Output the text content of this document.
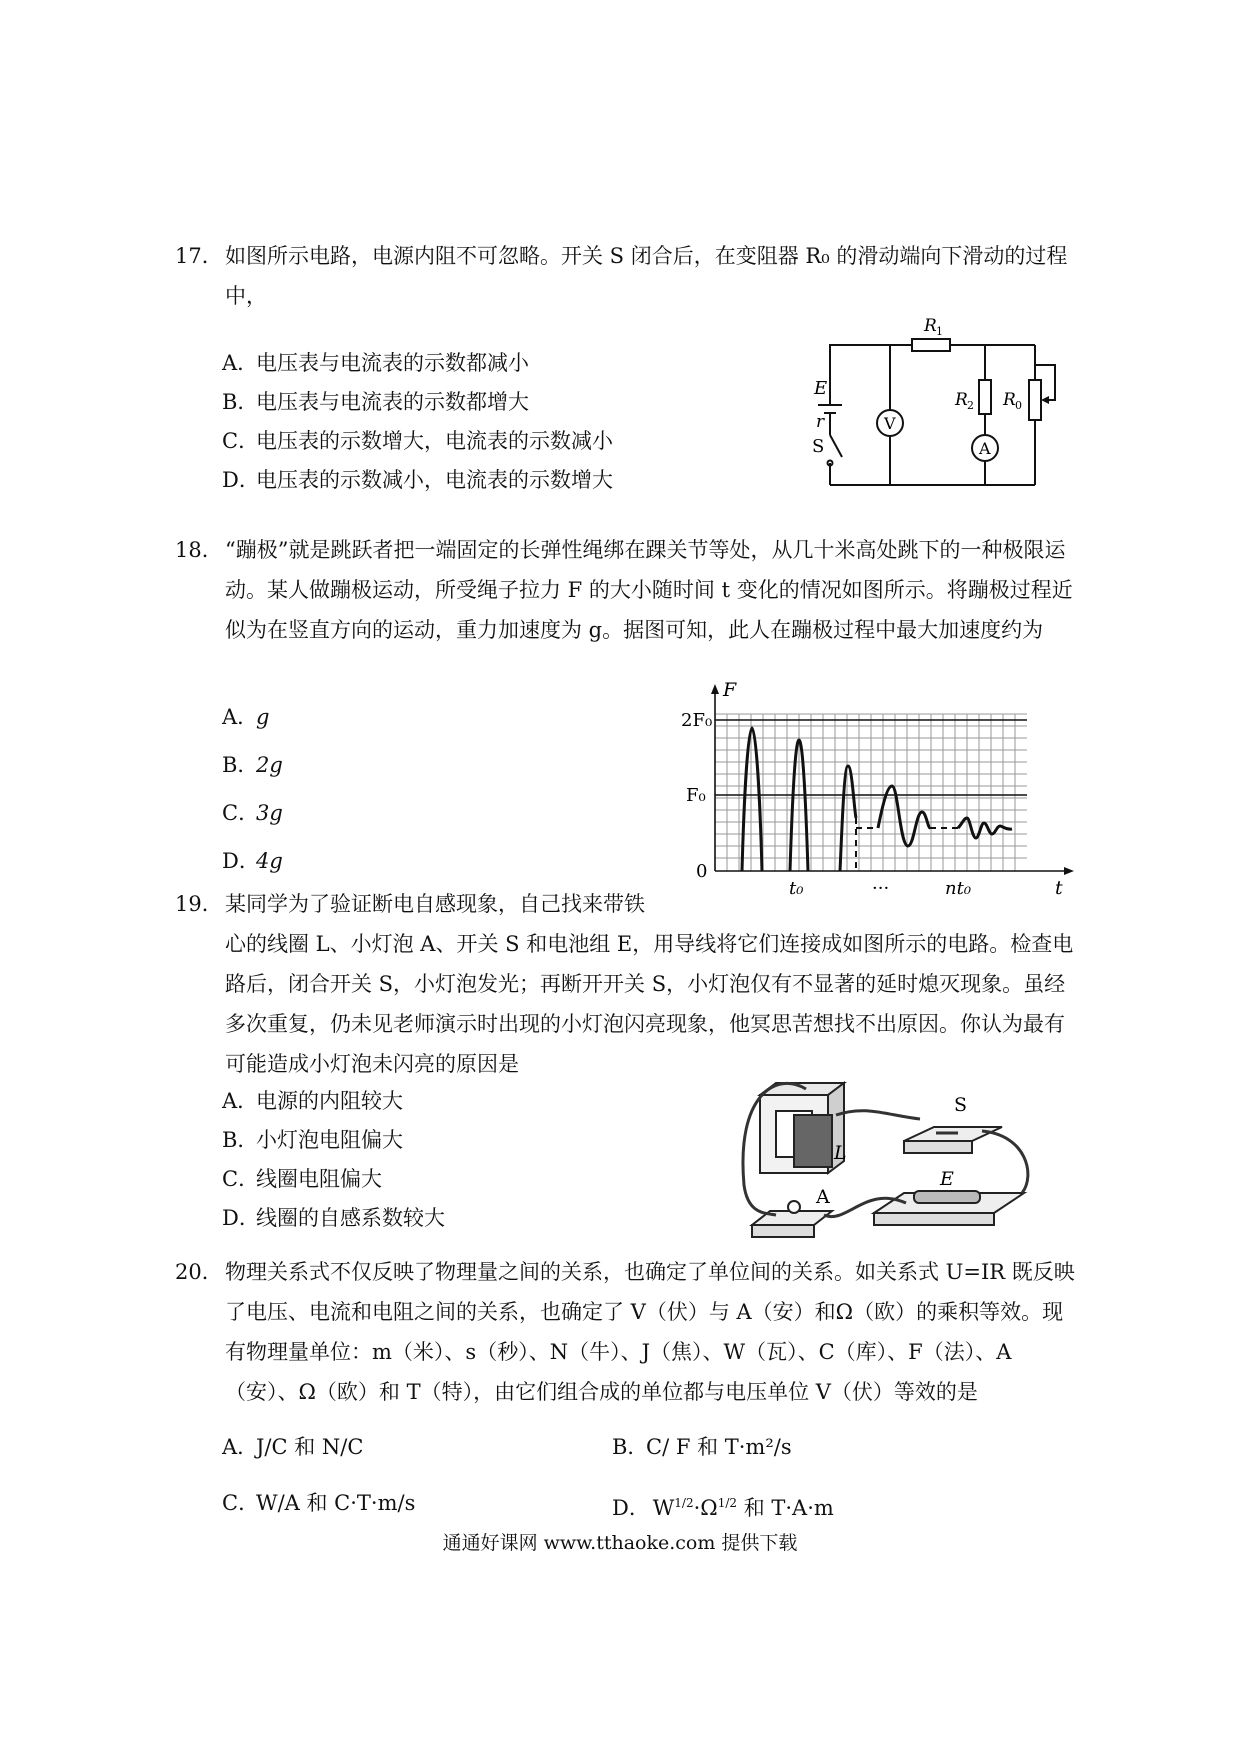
17． 如图所示电路，电源内阻不可忽略。开关 S 闭合后，在变阻器 R₀ 的滑动端向下滑动的过程中，
A．电压表与电流表的示数都减小
B．电压表与电流表的示数都增大
C．电压表的示数增大，电流表的示数减小
D．电压表的示数减小，电流表的示数增大
E
r
S
V
A
R 1
R 2 R 0
18． “蹦极”就是跳跃者把一端固定的长弹性绳绑在踝关节等处，从几十米高处跳下的一种极限运动。某人做蹦极运动，所受绳子拉力 F 的大小随时间 t 变化的情况如图所示。将蹦极过程近似为在竖直方向的运动，重力加速度为 g。据图可知，此人在蹦极过程中最大加速度约为
A．g
B．2g
C．3g
D．4g
2F₀
F₀
0
F
t₀	···	nt₀	t
19． 某同学为了验证断电自感现象，自己找来带铁
心的线圈 L、小灯泡 A、开关 S 和电池组 E，用导线将它们连接成如图所示的电路。检查电路后，闭合开关 S，小灯泡发光；再断开开关 S，小灯泡仅有不显著的延时熄灭现象。虽经多次重复，仍未见老师演示时出现的小灯泡闪亮现象，他冥思苦想找不出原因。你认为最有可能造成小灯泡未闪亮的原因是
A．电源的内阻较大
B．小灯泡电阻偏大
C．线圈电阻偏大
D．线圈的自感系数较大
L
S
E
A
20． 物理关系式不仅反映了物理量之间的关系，也确定了单位间的关系。如关系式 U=IR 既反映了电压、电流和电阻之间的关系，也确定了 V（伏）与 A（安）和Ω（欧）的乘积等效。现有物理量单位：m（米）、s（秒）、N（牛）、J（焦）、W（瓦）、C（库）、F（法）、A（安）、Ω（欧）和 T（特），由它们组合成的单位都与电压单位 V（伏）等效的是
A．J/C 和 N/C	B．C/ F 和 T·m²/s
C．W/A 和 C·T·m/s	D． $W^{1/2}\cdot\Omega^{1/2}$ 和 T·A·m
通通好课网 www.tthaoke.com 提供下载
